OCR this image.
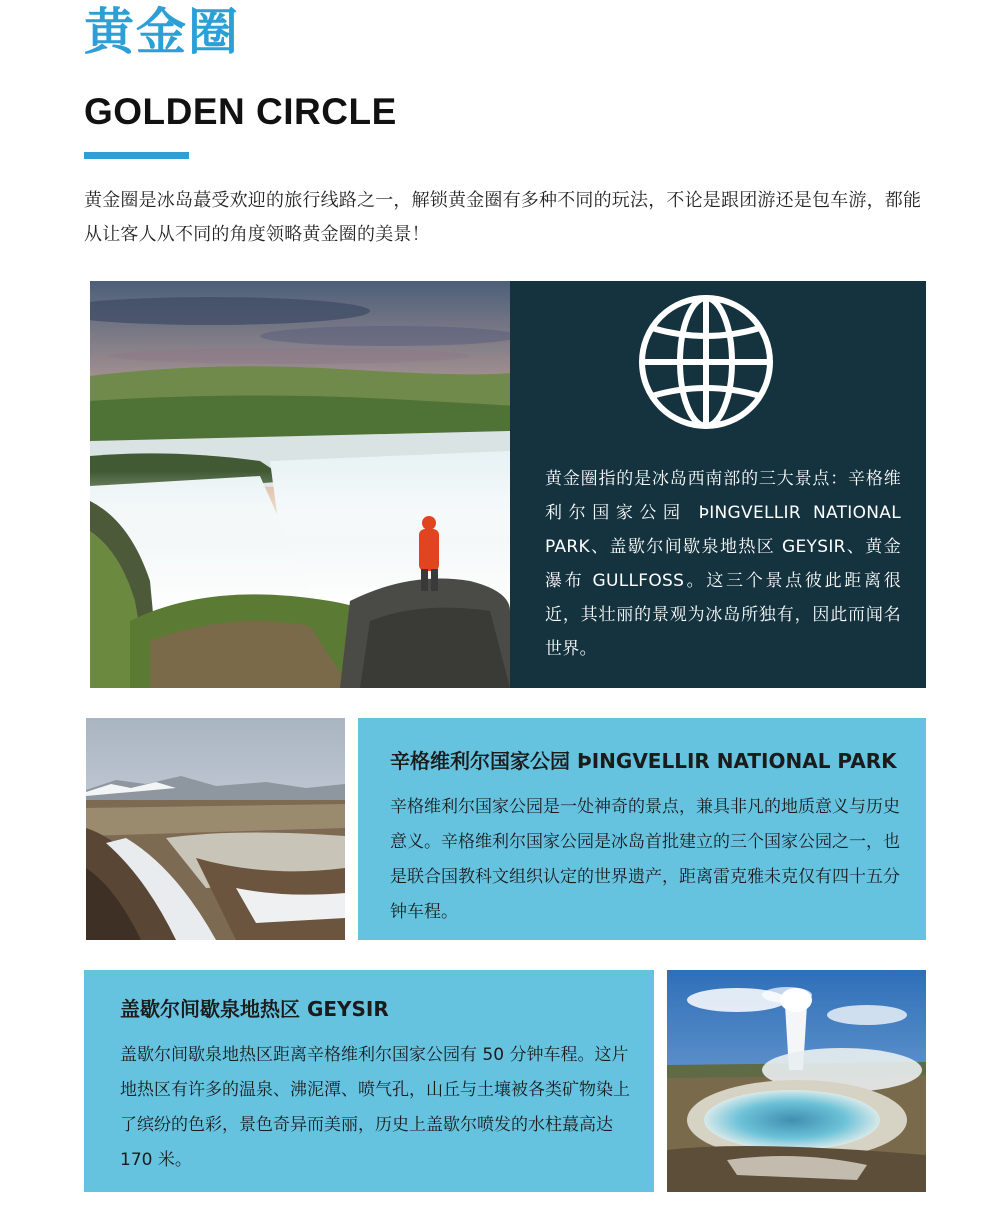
黄金圈
GOLDEN CIRCLE

黄金圈是冰岛蕞受欢迎的旅行线路之一，解锁黄金圈有多种不同的玩法，不论是跟团游还是包车游，都能从让客人从不同的角度领略黄金圈的美景！

黄金圈指的是冰岛西南部的三大景点：辛格维利尔国家公园 ÞINGVELLIR NATIONAL PARK、盖歇尔间歇泉地热区 GEYSIR、黄金瀑布 GULLFOSS。这三个景点彼此距离很近，其壮丽的景观为冰岛所独有，因此而闻名世界。

辛格维利尔国家公园 ÞINGVELLIR NATIONAL PARK

辛格维利尔国家公园是一处神奇的景点，兼具非凡的地质意义与历史意义。辛格维利尔国家公园是冰岛首批建立的三个国家公园之一，也是联合国教科文组织认定的世界遗产，距离雷克雅未克仅有四十五分钟车程。

盖歇尔间歇泉地热区 GEYSIR

盖歇尔间歇泉地热区距离辛格维利尔国家公园有 50 分钟车程。这片地热区有许多的温泉、沸泥潭、喷气孔，山丘与土壤被各类矿物染上了缤纷的色彩，景色奇异而美丽，历史上盖歇尔喷发的水柱蕞高达 170 米。
